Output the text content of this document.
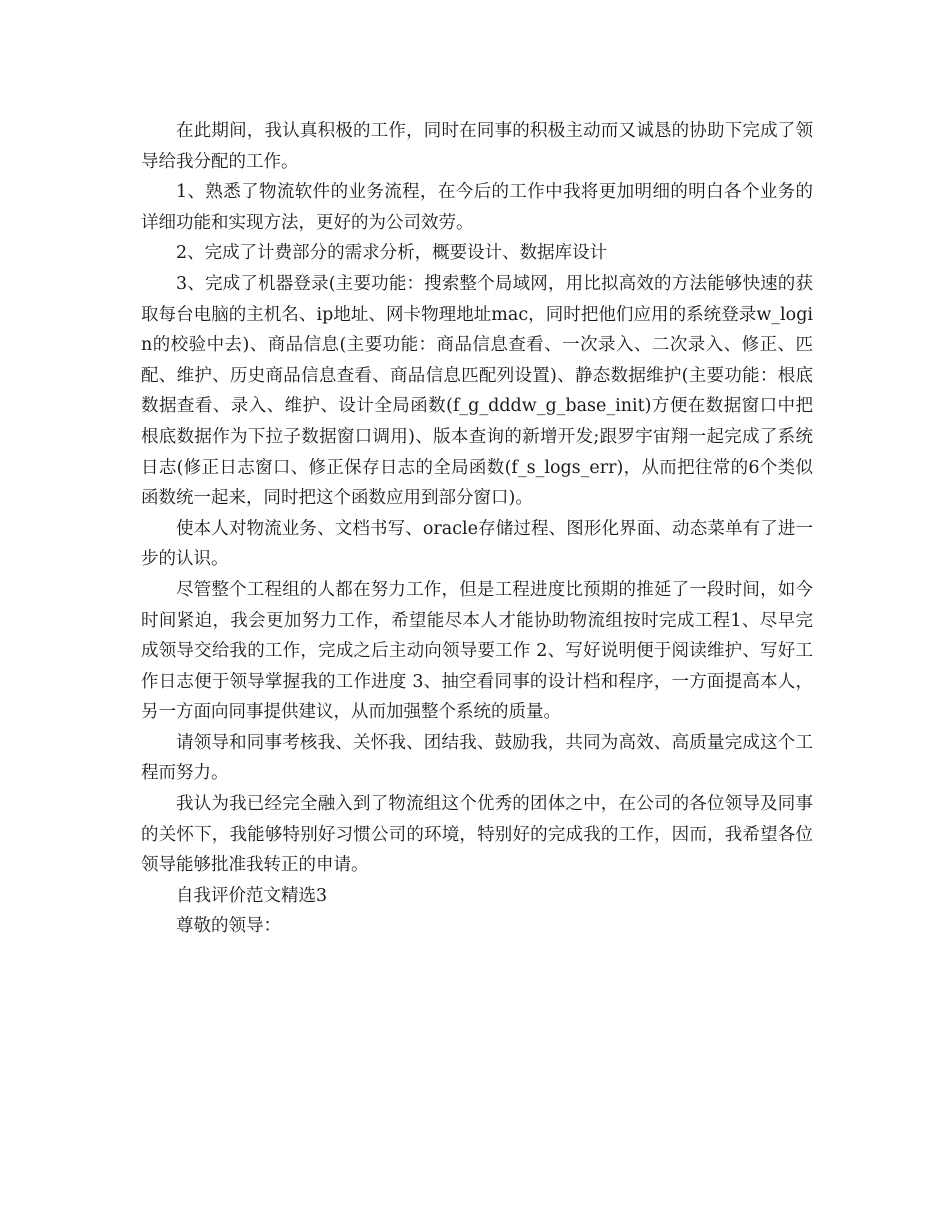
在此期间，我认真积极的工作，同时在同事的积极主动而又诚恳的协助下完成了领导给我分配的工作。

1、熟悉了物流软件的业务流程，在今后的工作中我将更加明细的明白各个业务的详细功能和实现方法，更好的为公司效劳。

2、完成了计费部分的需求分析，概要设计、数据库设计

3、完成了机器登录(主要功能：搜索整个局域网，用比拟高效的方法能够快速的获取每台电脑的主机名、ip地址、网卡物理地址mac，同时把他们应用的系统登录w_login的校验中去)、商品信息(主要功能：商品信息查看、一次录入、二次录入、修正、匹配、维护、历史商品信息查看、商品信息匹配列设置)、静态数据维护(主要功能：根底数据查看、录入、维护、设计全局函数(f_g_dddw_g_base_init)方便在数据窗口中把根底数据作为下拉子数据窗口调用)、版本查询的新增开发;跟罗宇宙翔一起完成了系统日志(修正日志窗口、修正保存日志的全局函数(f_s_logs_err)，从而把往常的6个类似函数统一起来，同时把这个函数应用到部分窗口)。

使本人对物流业务、文档书写、oracle存储过程、图形化界面、动态菜单有了进一步的认识。

尽管整个工程组的人都在努力工作，但是工程进度比预期的推延了一段时间，如今时间紧迫，我会更加努力工作，希望能尽本人才能协助物流组按时完成工程1、尽早完成领导交给我的工作，完成之后主动向领导要工作 2、写好说明便于阅读维护、写好工作日志便于领导掌握我的工作进度 3、抽空看同事的设计档和程序，一方面提高本人，另一方面向同事提供建议，从而加强整个系统的质量。

请领导和同事考核我、关怀我、团结我、鼓励我，共同为高效、高质量完成这个工程而努力。

我认为我已经完全融入到了物流组这个优秀的团体之中，在公司的各位领导及同事的关怀下，我能够特别好习惯公司的环境，特别好的完成我的工作，因而，我希望各位领导能够批准我转正的申请。

自我评价范文精选3

尊敬的领导：
